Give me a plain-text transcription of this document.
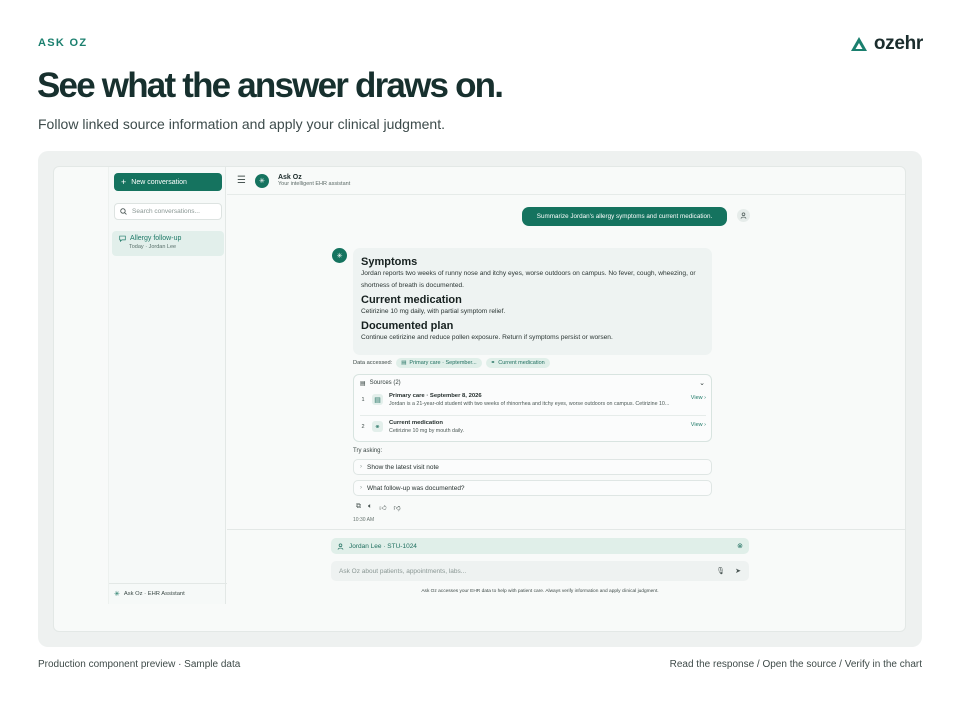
ASK OZ	ozehr
See what the answer draws on.

Follow linked source information and apply your clinical judgment.

+ New conversation
Search conversations...
Allergy follow-up
Today · Jordan Lee
✳ Ask Oz · EHR Assistant
☰	✳
Ask Oz
Your intelligent EHR assistant
Summarize Jordan's allergy symptoms and current medication.
✳	Symptoms
Jordan reports two weeks of runny nose and itchy eyes, worse outdoors on campus. No fever, cough, wheezing, or shortness of breath is documented.
Current medication
Cetirizine 10 mg daily, with partial symptom relief.
Documented plan
Continue cetirizine and reduce pollen exposure. Return if symptoms persist or worsen.
Data accessed: ▤ Primary care · September...	⚭ Current medication
▤ Sources (2)	⌄
1	▤
Primary care · September 8, 2026
Jordan is a 21-year-old student with two weeks of rhinorrhea and itchy eyes, worse outdoors on campus. Cetirizine 10...
View ›
2	⚭
Current medication
Cetirizine 10 mg by mouth daily.
View ›
Try asking:
› Show the latest visit note
› What follow-up was documented?
⧉ 🔈︎ 👍︎ 👎︎
10:30 AM
Jordan Lee · STU-1024	⊗
Ask Oz about patients, appointments, labs...
🎙︎ ➤
Ask Oz accesses your EHR data to help with patient care. Always verify information and apply clinical judgment.
Production component preview · Sample data	Read the response / Open the source / Verify in the chart
